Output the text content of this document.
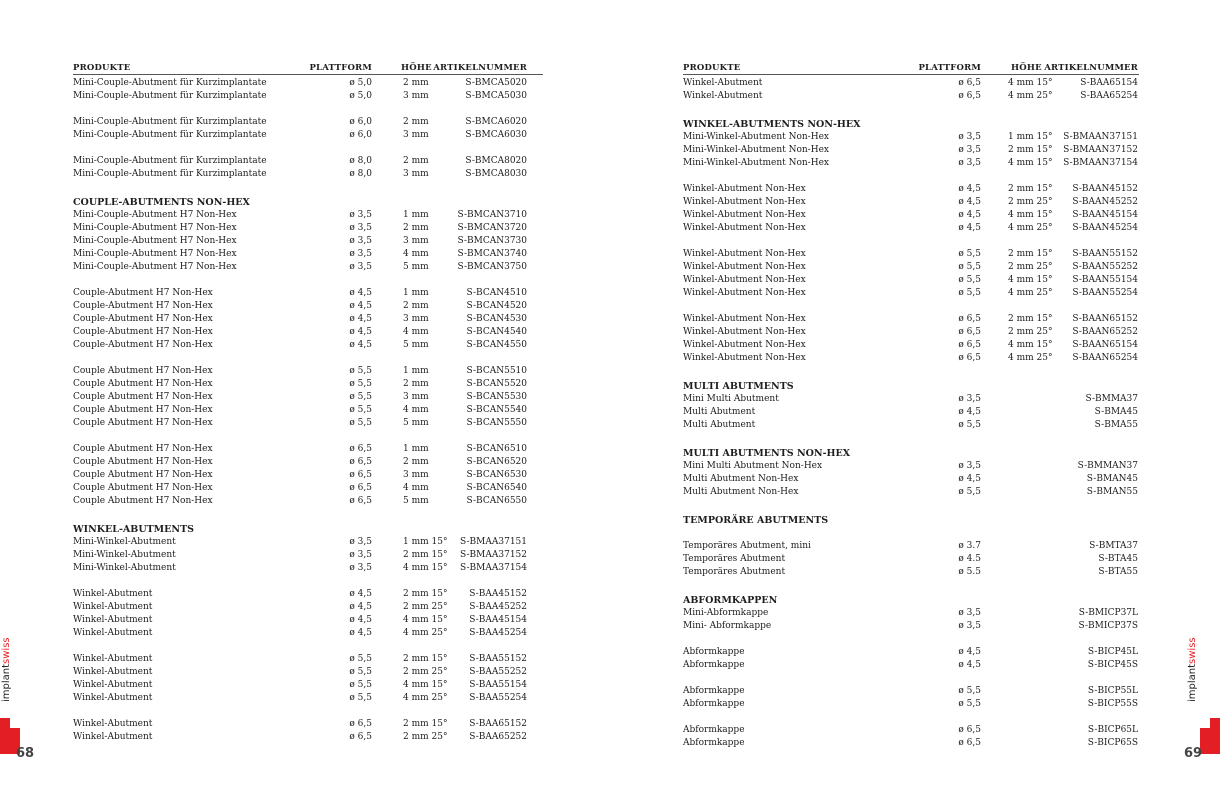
PRODUKTE	PLATTFORM	HÖHE ARTIKELNUMMER
Mini-Couple-Abutment für Kurzimplantate	ø 5,0	2 mm	S-BMCA5020
Mini-Couple-Abutment für Kurzimplantate	ø 5,0	3 mm	S-BMCA5030
Mini-Couple-Abutment für Kurzimplantate	ø 6,0	2 mm	S-BMCA6020
Mini-Couple-Abutment für Kurzimplantate	ø 6,0	3 mm	S-BMCA6030
Mini-Couple-Abutment für Kurzimplantate	ø 8,0	2 mm	S-BMCA8020
Mini-Couple-Abutment für Kurzimplantate	ø 8,0	3 mm	S-BMCA8030
COUPLE-ABUTMENTS NON-HEX
Mini-Couple-Abutment H7 Non-Hex	ø 3,5	1 mm	S-BMCAN3710
Mini-Couple-Abutment H7 Non-Hex	ø 3,5	2 mm	S-BMCAN3720
Mini-Couple-Abutment H7 Non-Hex	ø 3,5	3 mm	S-BMCAN3730
Mini-Couple-Abutment H7 Non-Hex	ø 3,5	4 mm	S-BMCAN3740
Mini-Couple-Abutment H7 Non-Hex	ø 3,5	5 mm	S-BMCAN3750
Couple-Abutment H7 Non-Hex	ø 4,5	1 mm	S-BCAN4510
Couple-Abutment H7 Non-Hex	ø 4,5	2 mm	S-BCAN4520
Couple-Abutment H7 Non-Hex	ø 4,5	3 mm	S-BCAN4530
Couple-Abutment H7 Non-Hex	ø 4,5	4 mm	S-BCAN4540
Couple-Abutment H7 Non-Hex	ø 4,5	5 mm	S-BCAN4550
Couple Abutment H7 Non-Hex	ø 5,5	1 mm	S-BCAN5510
Couple Abutment H7 Non-Hex	ø 5,5	2 mm	S-BCAN5520
Couple Abutment H7 Non-Hex	ø 5,5	3 mm	S-BCAN5530
Couple Abutment H7 Non-Hex	ø 5,5	4 mm	S-BCAN5540
Couple Abutment H7 Non-Hex	ø 5,5	5 mm	S-BCAN5550
Couple Abutment H7 Non-Hex	ø 6,5	1 mm	S-BCAN6510
Couple Abutment H7 Non-Hex	ø 6,5	2 mm	S-BCAN6520
Couple Abutment H7 Non-Hex	ø 6,5	3 mm	S-BCAN6530
Couple Abutment H7 Non-Hex	ø 6,5	4 mm	S-BCAN6540
Couple Abutment H7 Non-Hex	ø 6,5	5 mm	S-BCAN6550
WINKEL-ABUTMENTS
Mini-Winkel-Abutment	ø 3,5	1 mm 15° S-BMAA37151
Mini-Winkel-Abutment	ø 3,5	2 mm 15° S-BMAA37152
Mini-Winkel-Abutment	ø 3,5	4 mm 15° S-BMAA37154
Winkel-Abutment	ø 4,5	2 mm 15° S-BAA45152
Winkel-Abutment	ø 4,5	2 mm 25° S-BAA45252
Winkel-Abutment	ø 4,5	4 mm 15° S-BAA45154
Winkel-Abutment	ø 4,5	4 mm 25° S-BAA45254
Winkel-Abutment	ø 5,5	2 mm 15° S-BAA55152
Winkel-Abutment	ø 5,5	2 mm 25° S-BAA55252
Winkel-Abutment	ø 5,5	4 mm 15° S-BAA55154
Winkel-Abutment	ø 5,5	4 mm 25° S-BAA55254
Winkel-Abutment	ø 6,5	2 mm 15° S-BAA65152
Winkel-Abutment	ø 6,5	2 mm 25° S-BAA65252
PRODUKTE	PLATTFORM	HÖHE ARTIKELNUMMER
Winkel-Abutment	ø 6,5	4 mm 15°	S-BAA65154
Winkel-Abutment	ø 6,5	4 mm 25°	S-BAA65254
WINKEL-ABUTMENTS NON-HEX
Mini-Winkel-Abutment Non-Hex	ø 3,5	1 mm 15° S-BMAAN37151
Mini-Winkel-Abutment Non-Hex	ø 3,5	2 mm 15° S-BMAAN37152
Mini-Winkel-Abutment Non-Hex	ø 3,5	4 mm 15° S-BMAAN37154
Winkel-Abutment Non-Hex	ø 4,5	2 mm 15° S-BAAN45152
Winkel-Abutment Non-Hex	ø 4,5	2 mm 25° S-BAAN45252
Winkel-Abutment Non-Hex	ø 4,5	4 mm 15° S-BAAN45154
Winkel-Abutment Non-Hex	ø 4,5	4 mm 25° S-BAAN45254
Winkel-Abutment Non-Hex	ø 5,5	2 mm 15° S-BAAN55152
Winkel-Abutment Non-Hex	ø 5,5	2 mm 25° S-BAAN55252
Winkel-Abutment Non-Hex	ø 5,5	4 mm 15° S-BAAN55154
Winkel-Abutment Non-Hex	ø 5,5	4 mm 25° S-BAAN55254
Winkel-Abutment Non-Hex	ø 6,5	2 mm 15° S-BAAN65152
Winkel-Abutment Non-Hex	ø 6,5	2 mm 25° S-BAAN65252
Winkel-Abutment Non-Hex	ø 6,5	4 mm 15° S-BAAN65154
Winkel-Abutment Non-Hex	ø 6,5	4 mm 25° S-BAAN65254
MULTI ABUTMENTS
Mini Multi Abutment	ø 3,5	S-BMMA37
Multi Abutment	ø 4,5	S-BMA45
Multi Abutment	ø 5,5	S-BMA55
MULTI ABUTMENTS NON-HEX
Mini Multi Abutment Non-Hex	ø 3,5	S-BMMAN37
Multi Abutment Non-Hex	ø 4,5	S-BMAN45
Multi Abutment Non-Hex	ø 5,5	S-BMAN55
TEMPORÄRE ABUTMENTS
Temporäres Abutment, mini	ø 3.7	S-BMTA37
Temporäres Abutment	ø 4.5	S-BTA45
Temporäres Abutment	ø 5.5	S-BTA55
ABFORMKAPPEN
Mini-Abformkappe	ø 3,5	S-BMICP37L
Mini- Abformkappe	ø 3,5	S-BMICP37S
Abformkappe	ø 4,5	S-BICP45L
Abformkappe	ø 4,5	S-BICP45S
Abformkappe	ø 5,5	S-BICP55L
Abformkappe	ø 5,5	S-BICP55S
Abformkappe	ø 6,5	S-BICP65L
Abformkappe	ø 6,5	S-BICP65S
implantswiss
68
implantswiss
69
